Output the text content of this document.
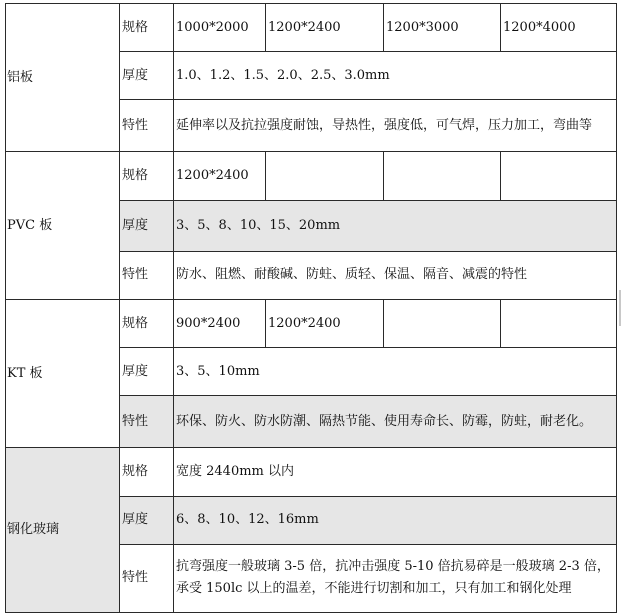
铝板	规格	1000*2000	1200*2400	1200*3000	1200*4000
	厚度	1.0、1.2、1.5、2.0、2.5、3.0mm			
	特性	延伸率以及抗拉强度耐蚀，导热性，强度低，可气焊，压力加工，弯曲等			
PVC 板	规格	1200*2400			
	厚度	3、5、8、10、15、20mm			
	特性	防水、阻燃、耐酸碱、防蛀、质轻、保温、隔音、减震的特性			
KT 板	规格	900*2400	1200*2400		
	厚度	3、5、10mm			
	特性	环保、防火、防水防潮、隔热节能、使用寿命长、防霉，防蛀，耐老化。			
钢化玻璃	规格	宽度 2440mm 以内			
	厚度	6、8、10、12、16mm			
	特性	抗弯强度一般玻璃 3-5 倍，抗冲击强度 5-10 倍抗易碎是一般玻璃 2-3 倍，承受 150lc 以上的温差，不能进行切割和加工，只有加工和钢化处理			
